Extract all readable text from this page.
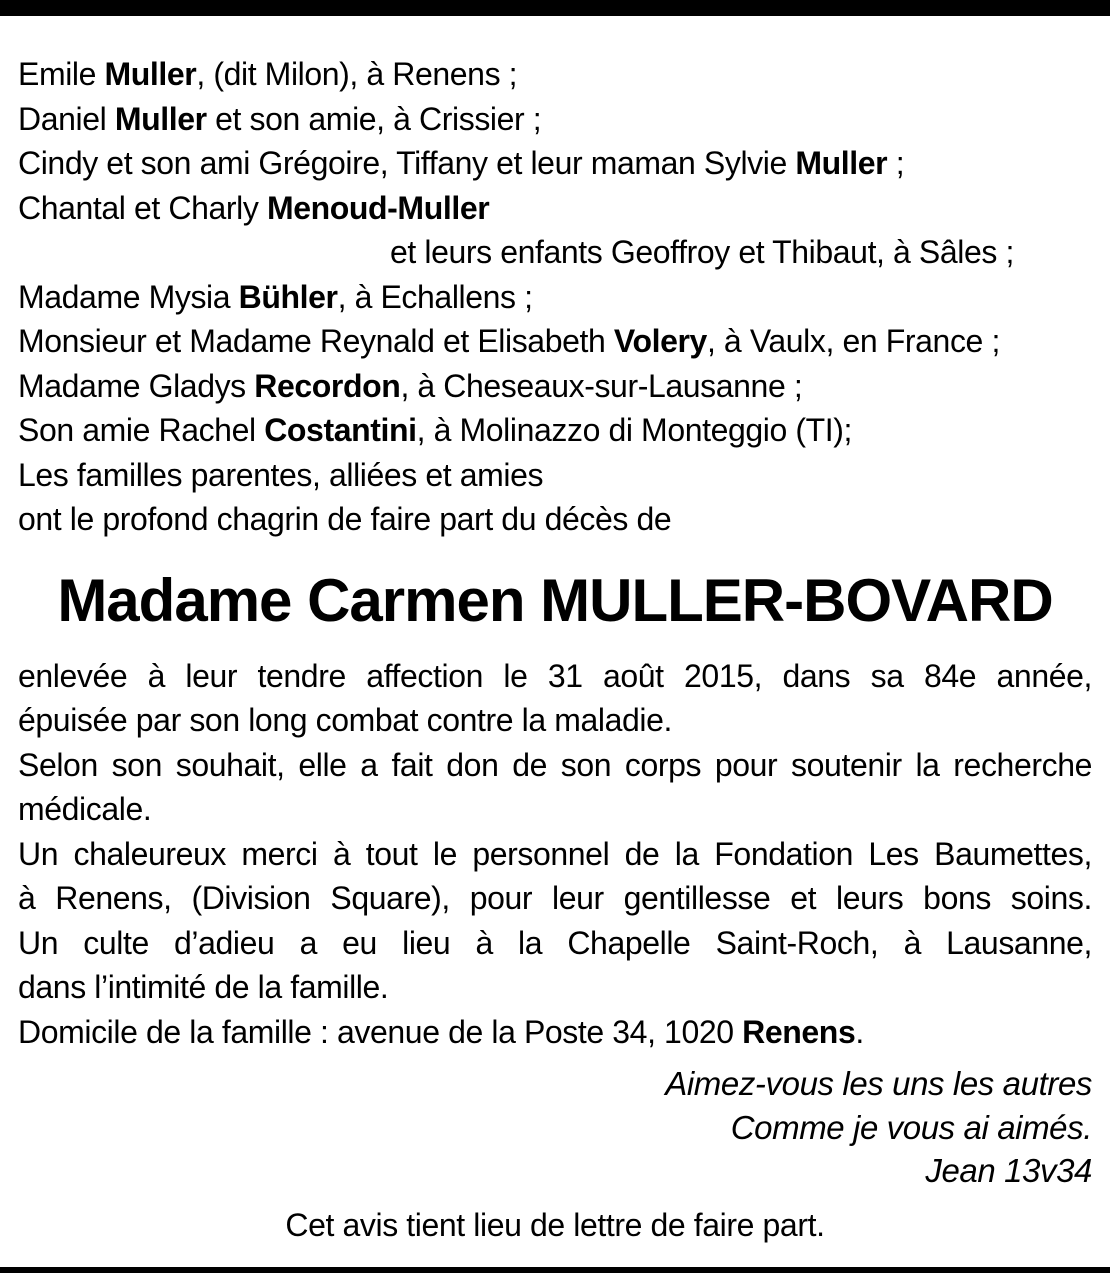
Emile Muller, (dit Milon), à Renens ;
Daniel Muller et son amie, à Crissier ;
Cindy et son ami Grégoire, Tiffany et leur maman Sylvie Muller ;
Chantal et Charly Menoud-Muller
et leurs enfants Geoffroy et Thibaut, à Sâles ;
Madame Mysia Bühler, à Echallens ;
Monsieur et Madame Reynald et Elisabeth Volery, à Vaulx, en France ;
Madame Gladys Recordon, à Cheseaux-sur-Lausanne ;
Son amie Rachel Costantini, à Molinazzo di Monteggio (TI);
Les familles parentes, alliées et amies
ont le profond chagrin de faire part du décès de
Madame Carmen MULLER-BOVARD
enlevée à leur tendre affection le 31 août 2015, dans sa 84e année,
épuisée par son long combat contre la maladie.
Selon son souhait, elle a fait don de son corps pour soutenir la recherche
médicale.
Un chaleureux merci à tout le personnel de la Fondation Les Baumettes,
à Renens, (Division Square), pour leur gentillesse et leurs bons soins.
Un culte d’adieu a eu lieu à la Chapelle Saint-Roch, à Lausanne,
dans l’intimité de la famille.
Domicile de la famille : avenue de la Poste 34, 1020 Renens.
Aimez-vous les uns les autres
Comme je vous ai aimés.
Jean 13v34
Cet avis tient lieu de lettre de faire part.
